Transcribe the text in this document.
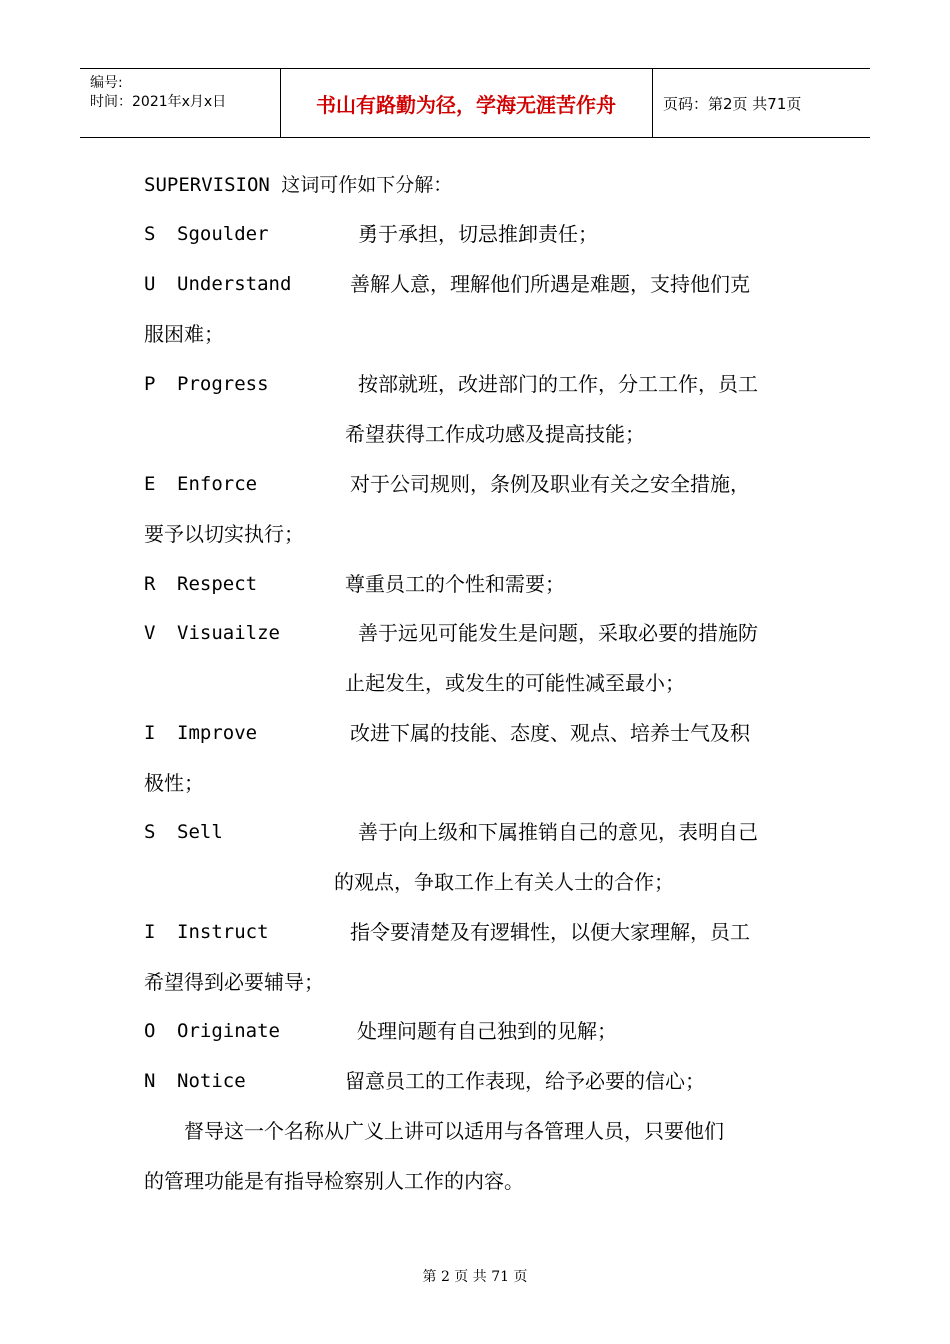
编号:
时间：2021年x月x日	书山有路勤为径，学海无涯苦作舟	页码：第2页 共71页
SUPERVISION 这词可作如下分解：
S Sgoulder	勇于承担，切忌推卸责任；
U Understand	善解人意，理解他们所遇是难题，支持他们克
服困难；
P Progress	按部就班，改进部门的工作，分工工作，员工
希望获得工作成功感及提高技能；
E Enforce	对于公司规则，条例及职业有关之安全措施，
要予以切实执行；
R Respect	尊重员工的个性和需要；
V Visuailze	善于远见可能发生是问题，采取必要的措施防
止起发生，或发生的可能性减至最小；
I Improve	改进下属的技能、态度、观点、培养士气及积
极性；
S Sell	善于向上级和下属推销自己的意见，表明自己
的观点，争取工作上有关人士的合作；
I Instruct	指令要清楚及有逻辑性，以便大家理解，员工
希望得到必要辅导；
O Originate	处理问题有自己独到的见解；
N Notice	留意员工的工作表现，给予必要的信心；
督导这一个名称从广义上讲可以适用与各管理人员，只要他们
的管理功能是有指导检察别人工作的内容。
第 2 页 共 71 页
